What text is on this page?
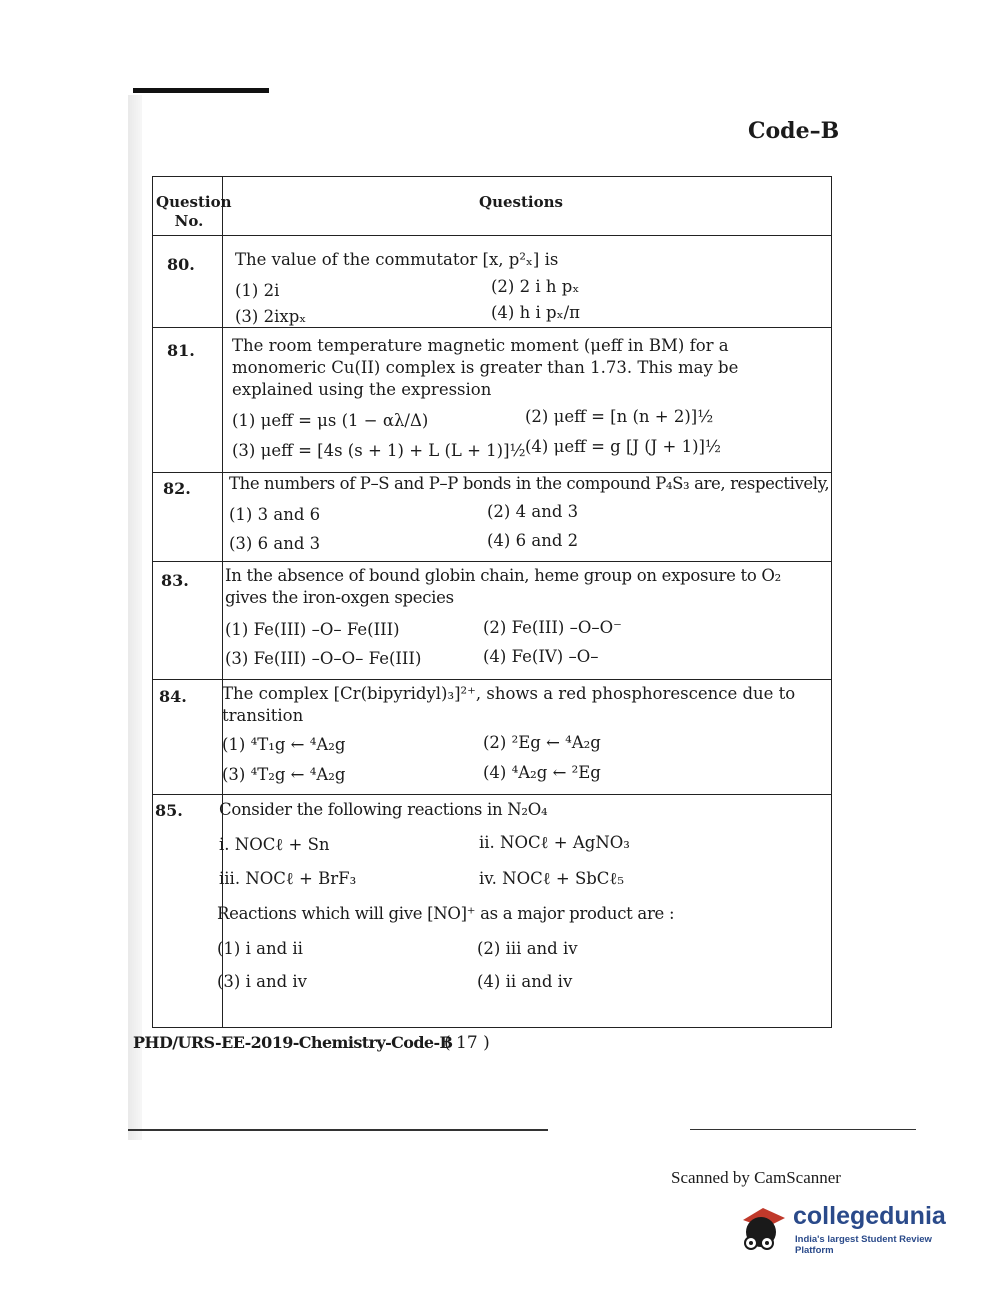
Code–B
Question No.
Questions
80. The value of the commutator [x, p²ₓ] is
(1) 2i	(2) 2 i h pₓ
(3) 2ixpₓ	(4) h i pₓ/π
81. The room temperature magnetic moment (μeff in BM) for a monomeric Cu(II) complex is greater than 1.73. This may be explained using the expression
(1) μeff = μs (1 − αλ/Δ)	(2) μeff = [n (n + 2)]½
(3) μeff = [4s (s + 1) + L (L + 1)]½ (4) μeff = g [J (J + 1)]½
82. The numbers of P–S and P–P bonds in the compound P₄S₃ are, respectively,
(1) 3 and 6	(2) 4 and 3
(3) 6 and 3	(4) 6 and 2
83. In the absence of bound globin chain, heme group on exposure to O₂ gives the iron-oxgen species
(1) Fe(III) –O– Fe(III)	(2) Fe(III) –O–O⁻
(3) Fe(III) –O–O– Fe(III)	(4) Fe(IV) –O–
84. The complex [Cr(bipyridyl)₃]²⁺, shows a red phosphorescence due to transition
(1) ⁴T₁g ← ⁴A₂g	(2) ²Eg ← ⁴A₂g
(3) ⁴T₂g ← ⁴A₂g	(4) ⁴A₂g ← ²Eg
85. Consider the following reactions in N₂O₄
i. NOCℓ + Sn	ii. NOCℓ + AgNO₃
iii. NOCℓ + BrF₃	iv. NOCℓ + SbCℓ₅
Reactions which will give [NO]⁺ as a major product are :
(1) i and ii	(2) iii and iv
(3) i and iv	(4) ii and iv
PHD/URS-EE-2019-Chemistry-Code-B
( 17 )
Scanned by CamScanner
collegedunia
India's largest Student Review Platform
